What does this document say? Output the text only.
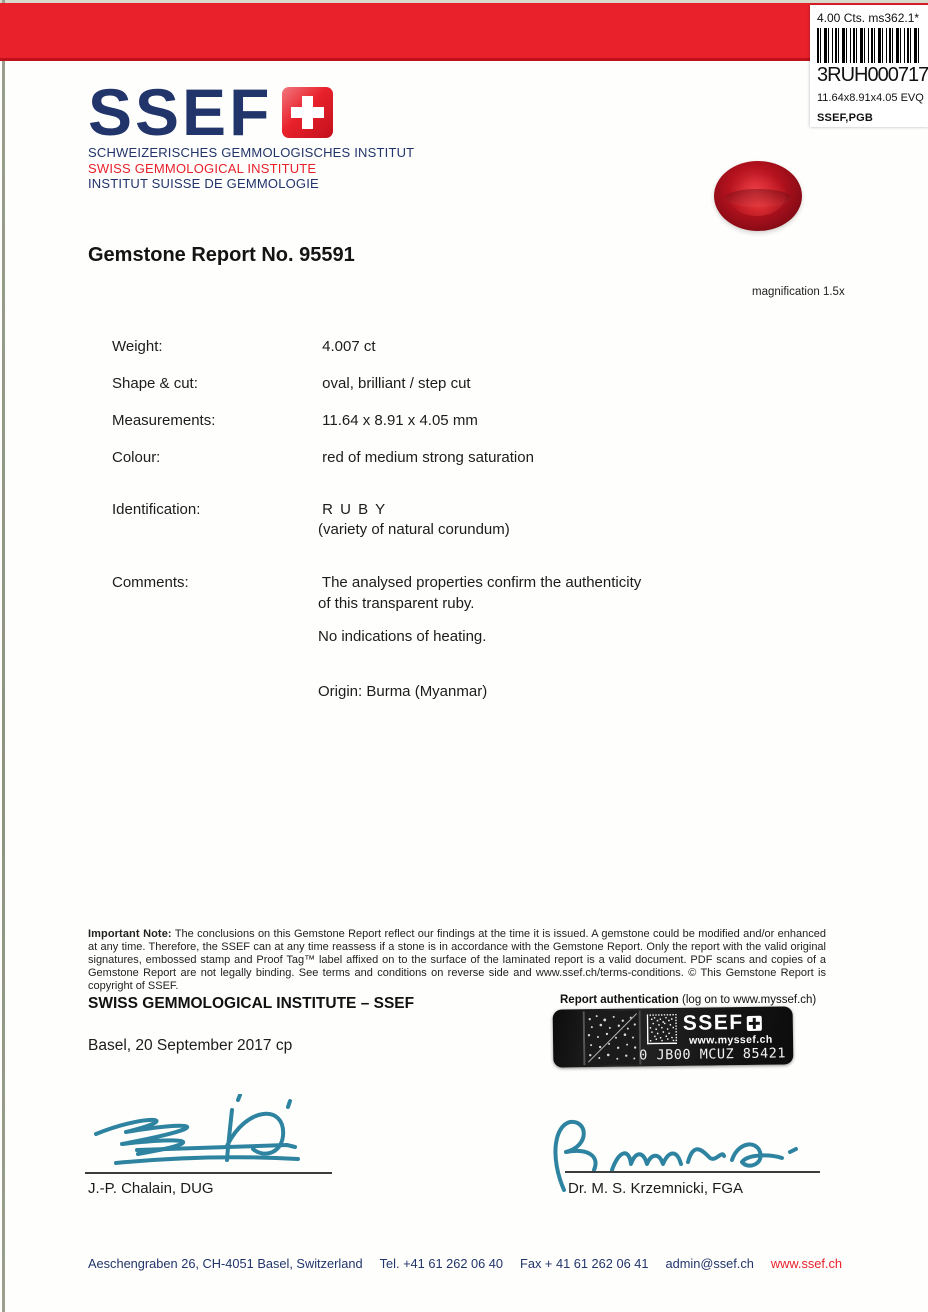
4.00 Cts. ms362.1*
3RUH000717
11.64x8.91x4.05 EVQ
SSEF,PGB
SSEF
SCHWEIZERISCHES GEMMOLOGISCHES INSTITUT
SWISS GEMMOLOGICAL INSTITUTE
INSTITUT SUISSE DE GEMMOLOGIE
Gemstone Report No. 95591
magnification 1.5x
Weight:	4.007 ct
Shape & cut:	oval, brilliant / step cut
Measurements:	11.64 x 8.91 x 4.05 mm
Colour:	red of medium strong saturation
Identification:	R U B Y
(variety of natural corundum)
Comments:	The analysed properties confirm the authenticity
of this transparent ruby.
No indications of heating.
Origin: Burma (Myanmar)

Important Note: The conclusions on this Gemstone Report reflect our findings at the time it is issued. A gemstone could be modified and/or enhanced at any time. Therefore, the SSEF can at any time reassess if a stone is in accordance with the Gemstone Report. Only the report with the valid original signatures, embossed stamp and Proof Tag™ label affixed on to the surface of the laminated report is a valid document. PDF scans and copies of a Gemstone Report are not legally binding. See terms and conditions on reverse side and www.ssef.ch/terms-conditions. © This Gemstone Report is copyright of SSEF.

SWISS GEMMOLOGICAL INSTITUTE – SSEF
Basel, 20 September 2017 cp
Report authentication (log on to www.myssef.ch)
SSEF
www.myssef.ch
0 JB00 MCUZ 85421
J.-P. Chalain, DUG	Dr. M. S. Krzemnicki, FGA
Aeschengraben 26, CH-4051 Basel, Switzerland Tel. +41 61 262 06 40 Fax + 41 61 262 06 41 admin@ssef.ch www.ssef.ch
